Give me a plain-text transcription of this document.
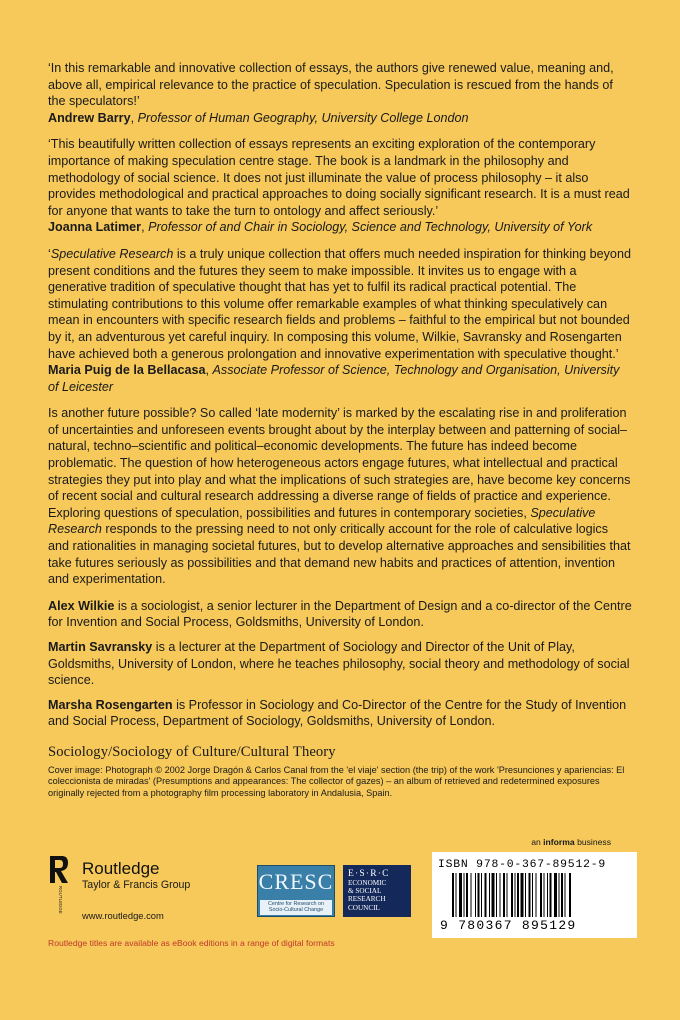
‘In this remarkable and innovative collection of essays, the authors give renewed value, meaning and, above all, empirical relevance to the practice of speculation. Speculation is rescued from the hands of the speculators!’
Andrew Barry, Professor of Human Geography, University College London

‘This beautifully written collection of essays represents an exciting exploration of the contemporary importance of making speculation centre stage. The book is a landmark in the philosophy and methodology of social science. It does not just illuminate the value of process philosophy – it also provides methodological and practical approaches to doing socially significant research. It is a must read for anyone that wants to take the turn to ontology and affect seriously.’
Joanna Latimer, Professor of and Chair in Sociology, Science and Technology, University of York

‘Speculative Research is a truly unique collection that offers much needed inspiration for thinking beyond present conditions and the futures they seem to make impossible. It invites us to engage with a generative tradition of speculative thought that has yet to fulfil its radical practical potential. The stimulating contributions to this volume offer remarkable examples of what thinking speculatively can mean in encounters with specific research fields and problems – faithful to the empirical but not bounded by it, an adventurous yet careful inquiry. In composing this volume, Wilkie, Savransky and Rosengarten have achieved both a generous prolongation and innovative experimentation with speculative thought.’
Maria Puig de la Bellacasa, Associate Professor of Science, Technology and Organisation, University of Leicester

Is another future possible? So called ‘late modernity’ is marked by the escalating rise in and proliferation of uncertainties and unforeseen events brought about by the interplay between and patterning of social–natural, techno–scientific and political–economic developments. The future has indeed become problematic. The question of how heterogeneous actors engage futures, what intellectual and practical strategies they put into play and what the implications of such strategies are, have become key concerns of recent social and cultural research addressing a diverse range of fields of practice and experience. Exploring questions of speculation, possibilities and futures in contemporary societies, Speculative Research responds to the pressing need to not only critically account for the role of calculative logics and rationalities in managing societal futures, but to develop alternative approaches and sensibilities that take futures seriously as possibilities and that demand new habits and practices of attention, invention and experimentation.

Alex Wilkie is a sociologist, a senior lecturer in the Department of Design and a co-director of the Centre for Invention and Social Process, Goldsmiths, University of London.

Martin Savransky is a lecturer at the Department of Sociology and Director of the Unit of Play, Goldsmiths, University of London, where he teaches philosophy, social theory and methodology of social science.

Marsha Rosengarten is Professor in Sociology and Co-Director of the Centre for the Study of Invention and Social Process, Department of Sociology, Goldsmiths, University of London.

Sociology/Sociology of Culture/Cultural Theory

Cover image: Photograph © 2002 Jorge Dragón & Carlos Canal from the 'el viaje' section (the trip) of the work 'Presunciones y apariencias: El coleccionista de miradas' (Presumptions and appearances: The collector of gazes) – an album of retrieved and redetermined exposures originally rejected from a photography film processing laboratory in Andalusia, Spain.

an informa business
ROUTLEDGE
Routledge
Taylor & Francis Group
www.routledge.com
CRESC
Centre for Research on Socio-Cultural Change
E·S·R·C
ECONOMIC
& SOCIAL
RESEARCH
COUNCIL
ISBN 978-0-367-89512-9
9 780367 895129
Routledge titles are available as eBook editions in a range of digital formats
